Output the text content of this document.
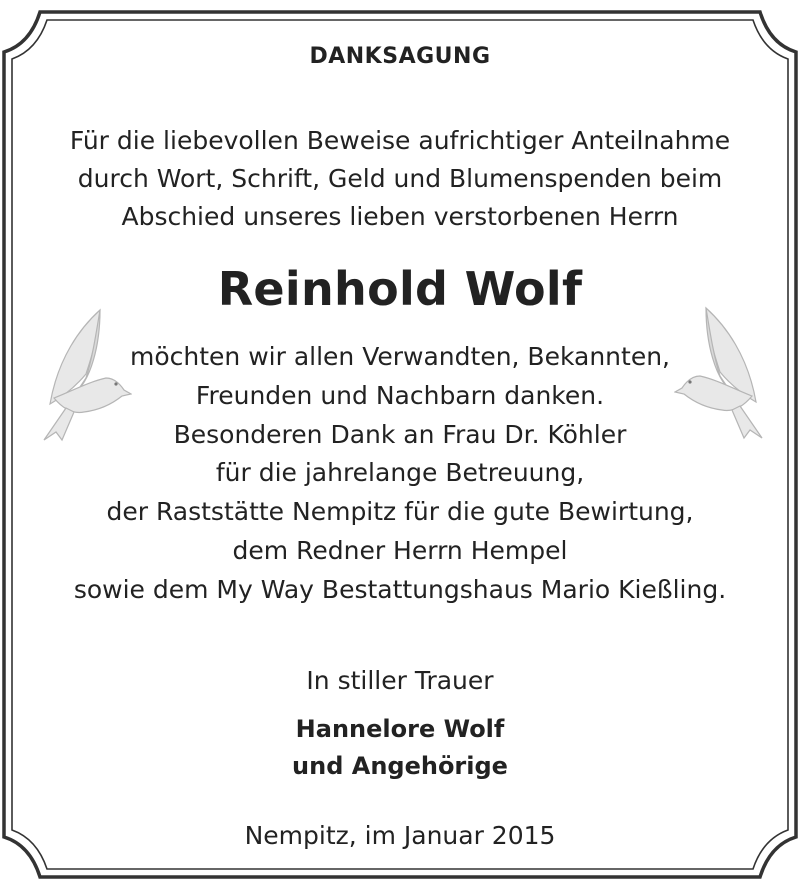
DANKSAGUNG
Für die liebevollen Beweise aufrichtiger Anteilnahme
durch Wort, Schrift, Geld und Blumenspenden beim
Abschied unseres lieben verstorbenen Herrn
Reinhold Wolf
möchten wir allen Verwandten, Bekannten,
Freunden und Nachbarn danken.
Besonderen Dank an Frau Dr. Köhler
für die jahrelange Betreuung,
der Raststätte Nempitz für die gute Bewirtung,
dem Redner Herrn Hempel
sowie dem My Way Bestattungshaus Mario Kießling.
In stiller Trauer
Hannelore Wolf
und Angehörige
Nempitz, im Januar 2015
